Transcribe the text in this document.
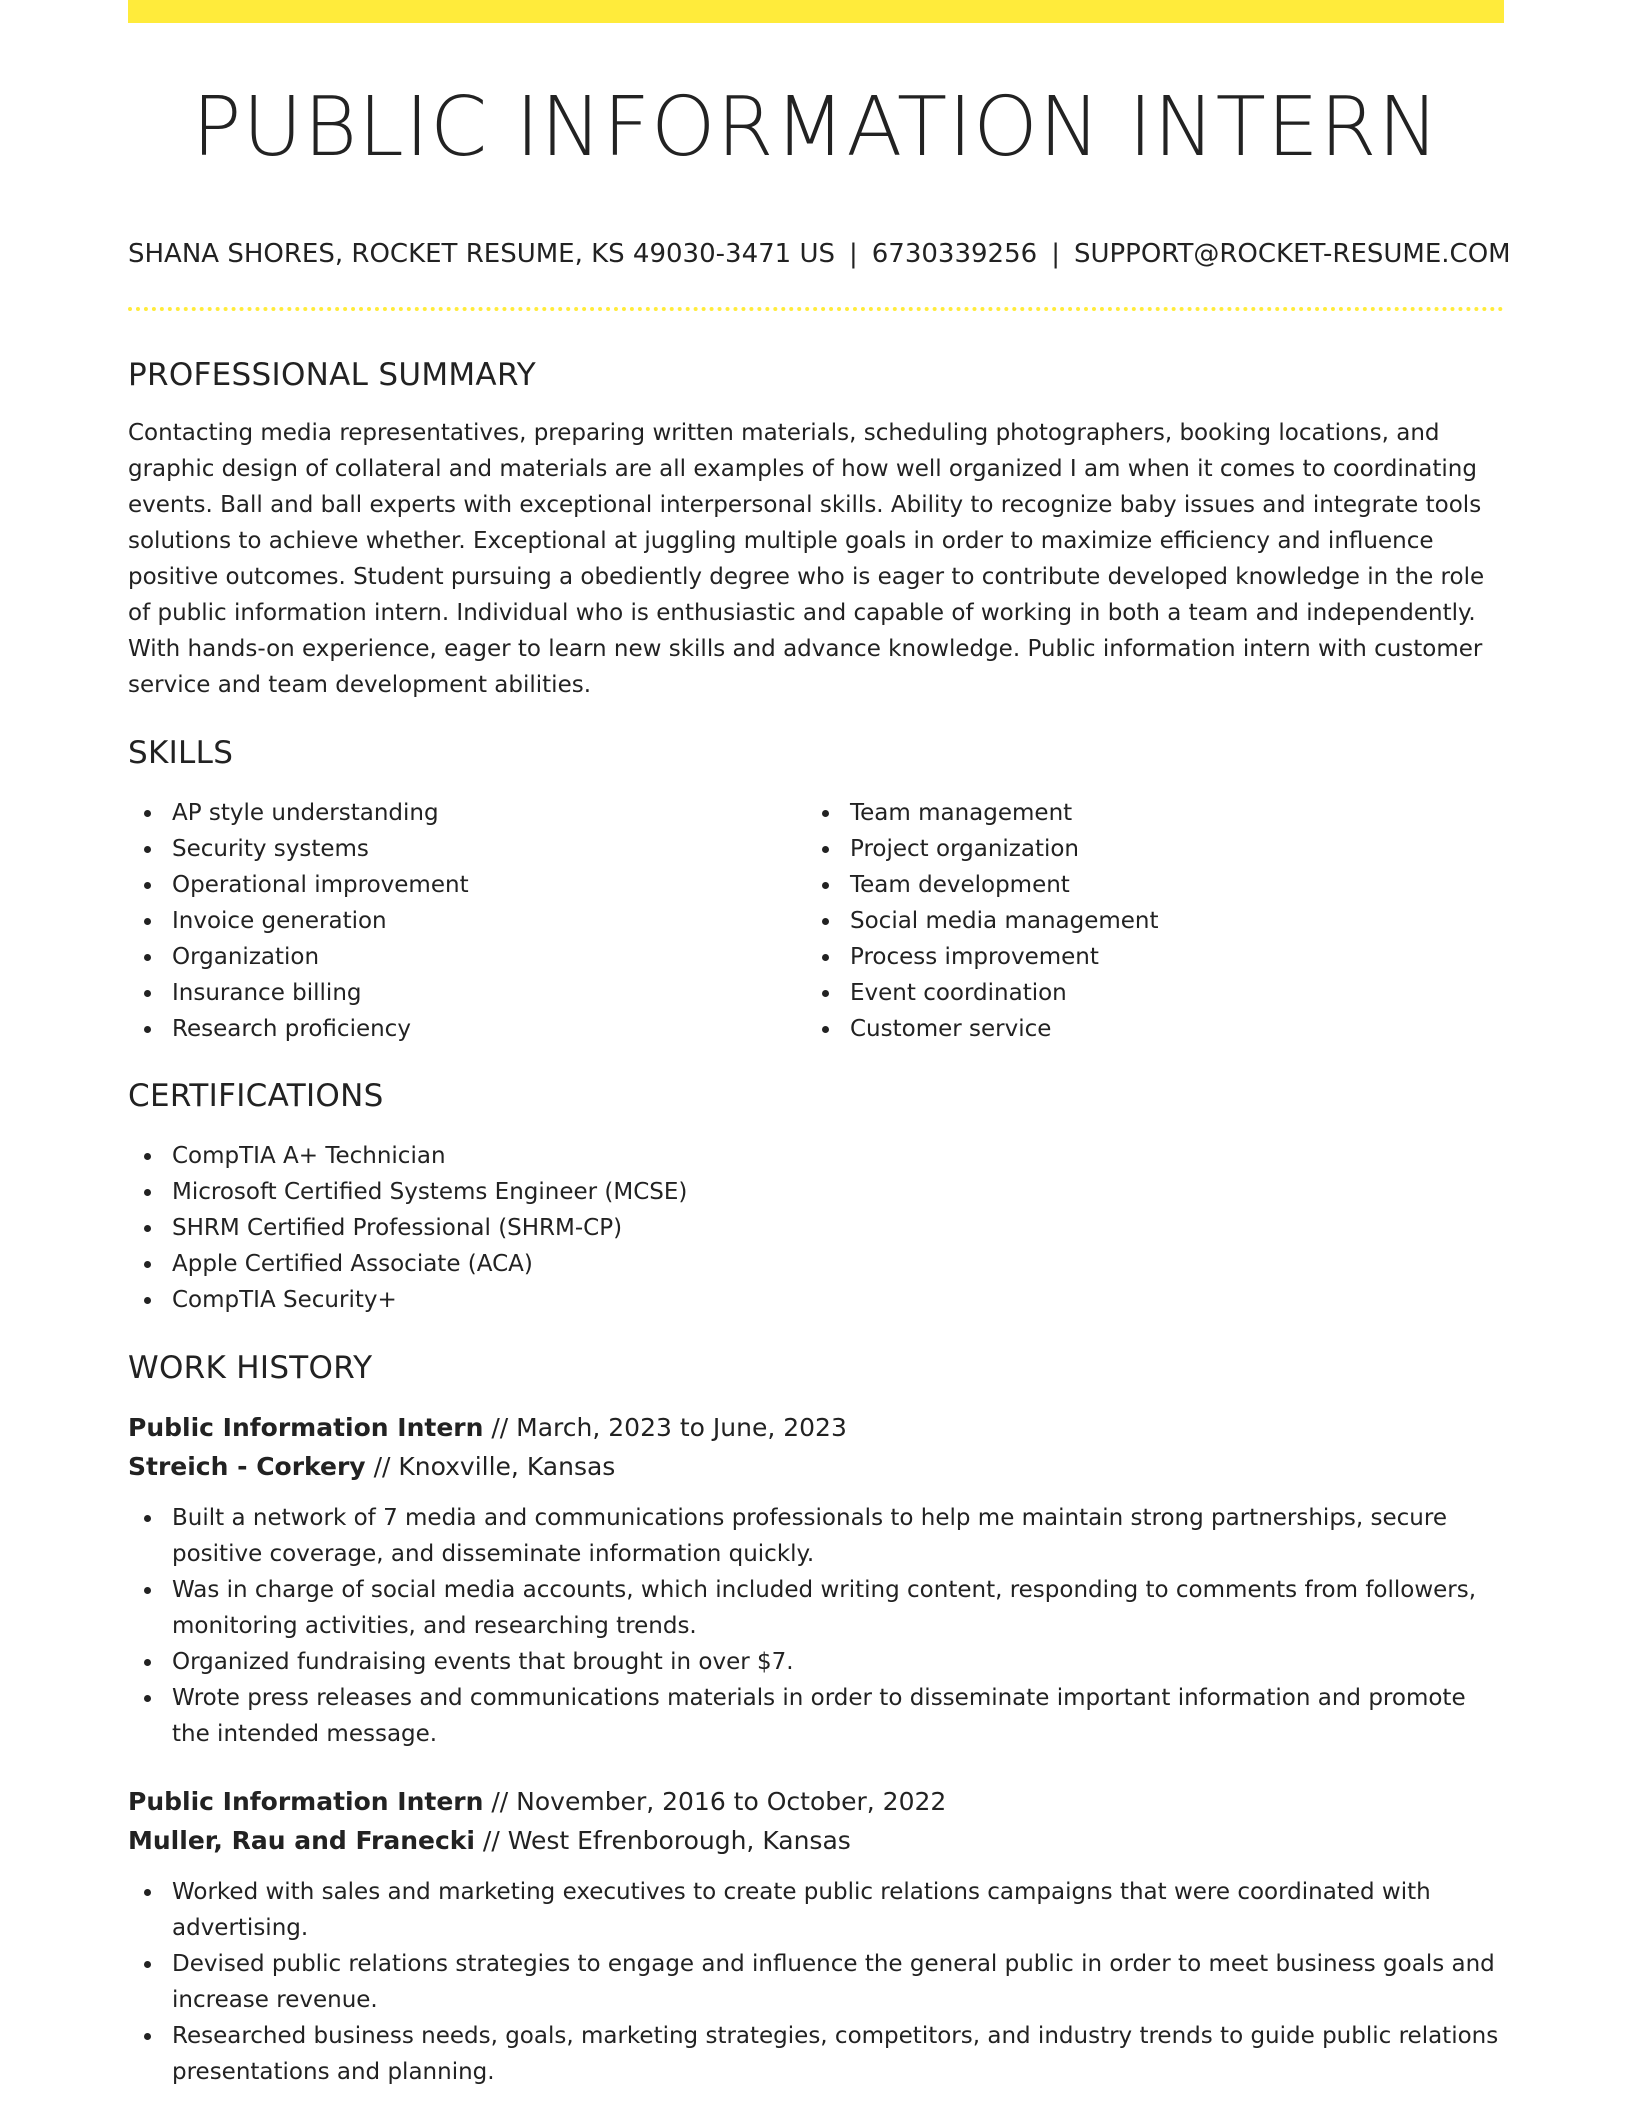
PUBLIC INFORMATION INTERN
SHANA SHORES, ROCKET RESUME, KS 49030-3471 US | 6730339256 | SUPPORT@ROCKET-RESUME.COM
PROFESSIONAL SUMMARY

Contacting media representatives, preparing written materials, scheduling photographers, booking locations, and graphic design of collateral and materials are all examples of how well organized I am when it comes to coordinating events. Ball and ball experts with exceptional interpersonal skills. Ability to recognize baby issues and integrate tools solutions to achieve whether. Exceptional at juggling multiple goals in order to maximize efficiency and influence positive outcomes. Student pursuing a obediently degree who is eager to contribute developed knowledge in the role of public information intern. Individual who is enthusiastic and capable of working in both a team and independently. With hands-on experience, eager to learn new skills and advance knowledge. Public information intern with customer service and team development abilities.

SKILLS
AP style understanding
Security systems
Operational improvement
Invoice generation
Organization
Insurance billing
Research proficiency
Team management
Project organization
Team development
Social media management
Process improvement
Event coordination
Customer service
CERTIFICATIONS
CompTIA A+ Technician
Microsoft Certified Systems Engineer (MCSE)
SHRM Certified Professional (SHRM-CP)
Apple Certified Associate (ACA)
CompTIA Security+
WORK HISTORY

Public Information Intern // March, 2023 to June, 2023

Streich - Corkery // Knoxville, Kansas

Built a network of 7 media and communications professionals to help me maintain strong partnerships, secure positive coverage, and disseminate information quickly.
Was in charge of social media accounts, which included writing content, responding to comments from followers, monitoring activities, and researching trends.
Organized fundraising events that brought in over $7.
Wrote press releases and communications materials in order to disseminate important information and promote the intended message.

Public Information Intern // November, 2016 to October, 2022

Muller, Rau and Franecki // West Efrenborough, Kansas

Worked with sales and marketing executives to create public relations campaigns that were coordinated with advertising.
Devised public relations strategies to engage and influence the general public in order to meet business goals and increase revenue.
Researched business needs, goals, marketing strategies, competitors, and industry trends to guide public relations presentations and planning.
